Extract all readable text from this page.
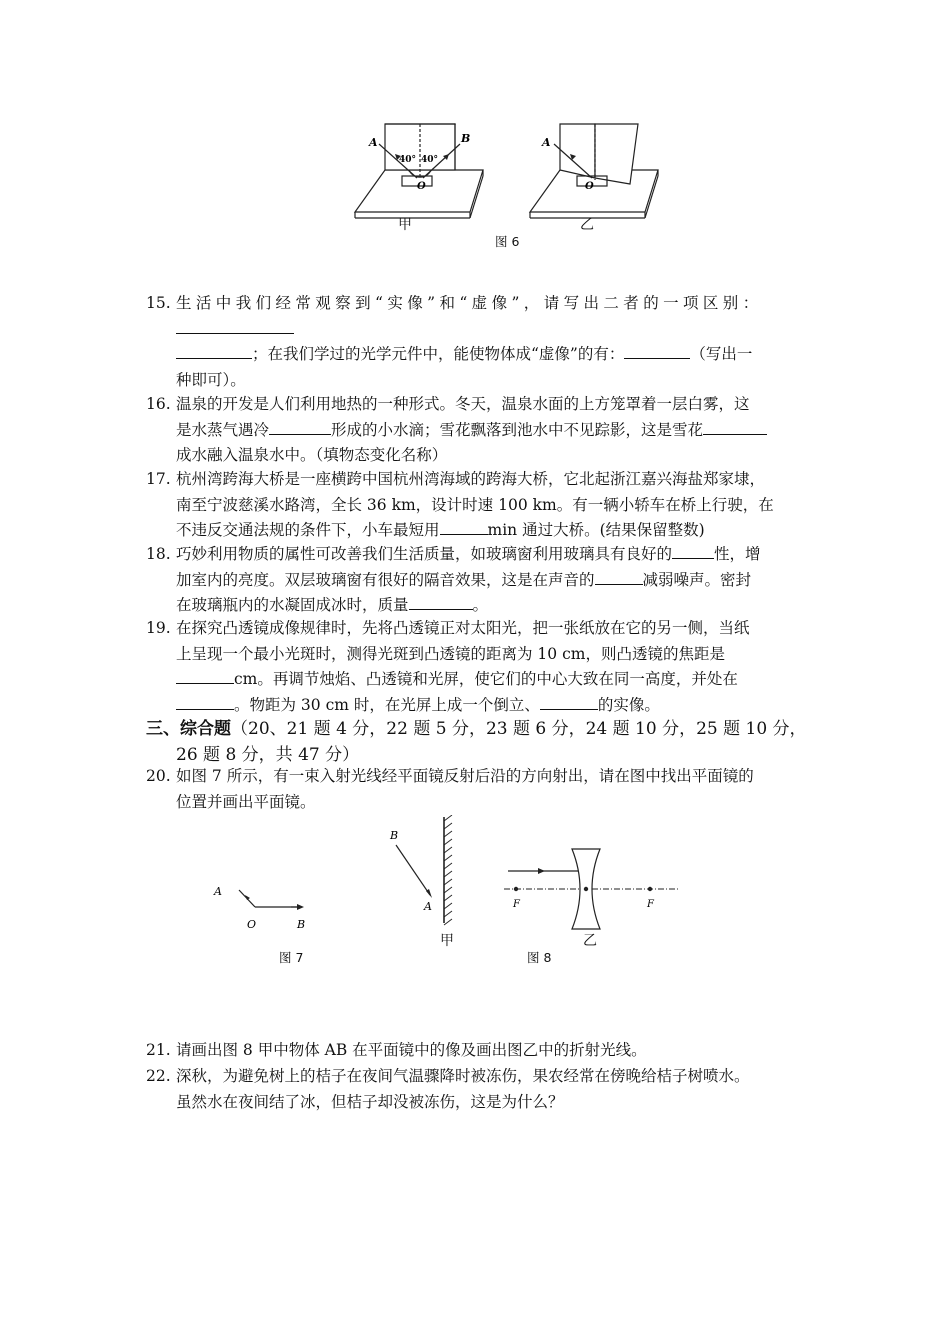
A	B
40° 40°
O
A
O
甲	乙
图 6
15. 生活中我们经常观察到“实像”和“虚像”，请写出二者的一项区别：
；在我们学过的光学元件中，能使物体成“虚像”的有：	（写出一
种即可）。
16. 温泉的开发是人们利用地热的一种形式。冬天，温泉水面的上方笼罩着一层白雾，这
是水蒸气遇冷	形成的小水滴；雪花飘落到池水中不见踪影，这是雪花
成水融入温泉水中。（填物态变化名称）
17. 杭州湾跨海大桥是一座横跨中国杭州湾海域的跨海大桥，它北起浙江嘉兴海盐郑家埭，
南至宁波慈溪水路湾，全长 36 km，设计时速 100 km。有一辆小轿车在桥上行驶，在
不违反交通法规的条件下，小车最短用	min 通过大桥。(结果保留整数)
18. 巧妙利用物质的属性可改善我们生活质量，如玻璃窗利用玻璃具有良好的	性，增
加室内的亮度。双层玻璃窗有很好的隔音效果，这是在声音的	减弱噪声。密封
在玻璃瓶内的水凝固成冰时，质量	。
19. 在探究凸透镜成像规律时，先将凸透镜正对太阳光，把一张纸放在它的另一侧，当纸
上呈现一个最小光斑时，测得光斑到凸透镜的距离为 10 cm，则凸透镜的焦距是
cm。再调节烛焰、凸透镜和光屏，使它们的中心大致在同一高度，并处在
。物距为 30 cm 时，在光屏上成一个倒立、	的实像。
三、综合题（20、21 题 4 分，22 题 5 分，23 题 6 分，24 题 10 分，25 题 10 分，
26 题 8 分，共 47 分）
20. 如图 7 所示，有一束入射光线经平面镜反射后沿的方向射出，请在图中找出平面镜的
位置并画出平面镜。
A
O	B
图 7
B
A
甲
F	F
乙
图 8
21. 请画出图 8 甲中物体 AB 在平面镜中的像及画出图乙中的折射光线。
22. 深秋，为避免树上的桔子在夜间气温骤降时被冻伤，果农经常在傍晚给桔子树喷水。
虽然水在夜间结了冰，但桔子却没被冻伤，这是为什么？
